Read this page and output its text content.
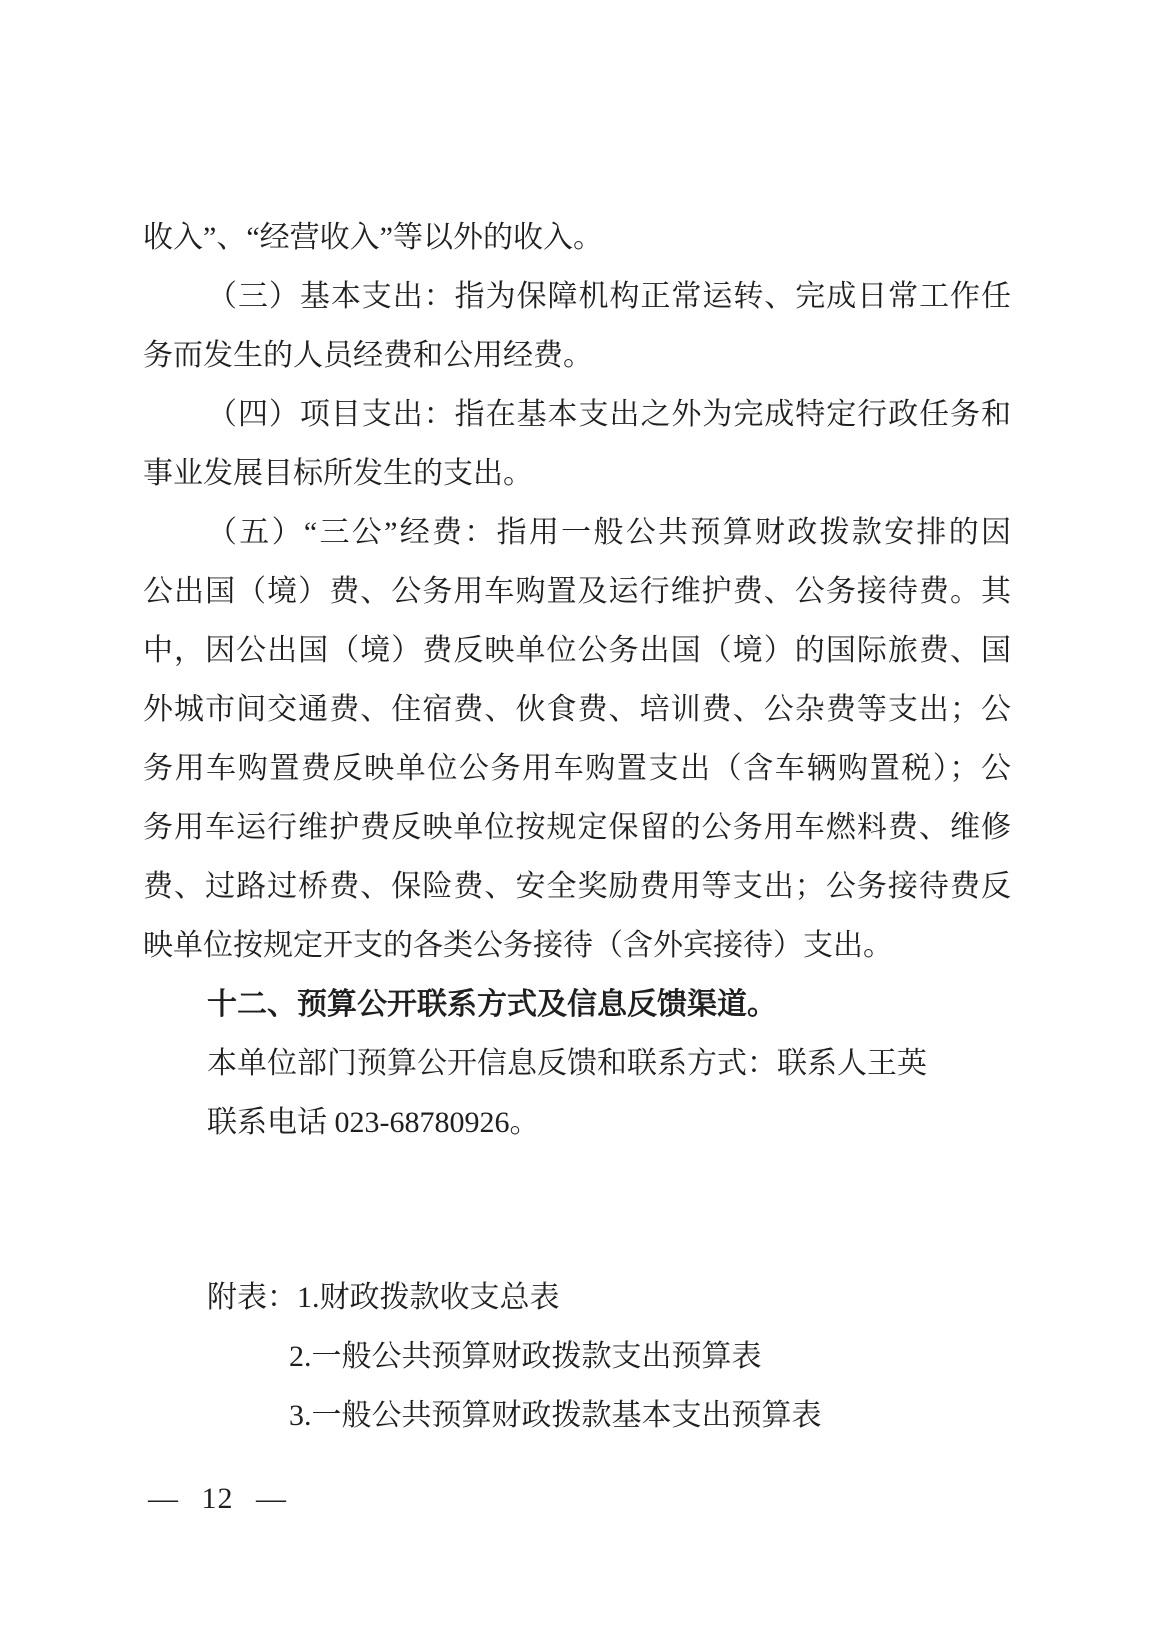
收入”、“经营收入”等以外的收入。
（三）基本支出：指为保障机构正常运转、完成日常工作任
务而发生的人员经费和公用经费。
（四）项目支出：指在基本支出之外为完成特定行政任务和
事业发展目标所发生的支出。
（五）“三公”经费：指用一般公共预算财政拨款安排的因
公出国（境）费、公务用车购置及运行维护费、公务接待费。其
中，因公出国（境）费反映单位公务出国（境）的国际旅费、国
外城市间交通费、住宿费、伙食费、培训费、公杂费等支出；公
务用车购置费反映单位公务用车购置支出（含车辆购置税）；公
务用车运行维护费反映单位按规定保留的公务用车燃料费、维修
费、过路过桥费、保险费、安全奖励费用等支出；公务接待费反
映单位按规定开支的各类公务接待（含外宾接待）支出。
十二、预算公开联系方式及信息反馈渠道。
本单位部门预算公开信息反馈和联系方式：联系人王英
联系电话 023-68780926。
附表：1.财政拨款收支总表
2.一般公共预算财政拨款支出预算表
3.一般公共预算财政拨款基本支出预算表
— 12 —
